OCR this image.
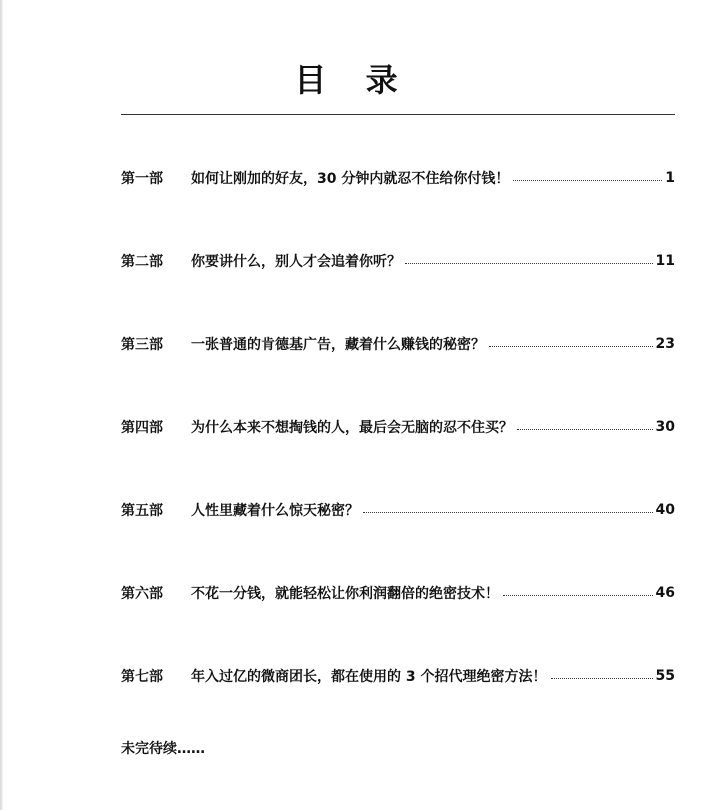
目 录
第一部	如何让刚加的好友，30 分钟内就忍不住给你付钱！	1
第二部	你要讲什么，别人才会追着你听？	11
第三部	一张普通的肯德基广告，藏着什么赚钱的秘密？	23
第四部	为什么本来不想掏钱的人，最后会无脑的忍不住买？	30
第五部	人性里藏着什么惊天秘密？	40
第六部	不花一分钱，就能轻松让你利润翻倍的绝密技术！	46
第七部	年入过亿的微商团长，都在使用的 3 个招代理绝密方法！	55
未完待续……
